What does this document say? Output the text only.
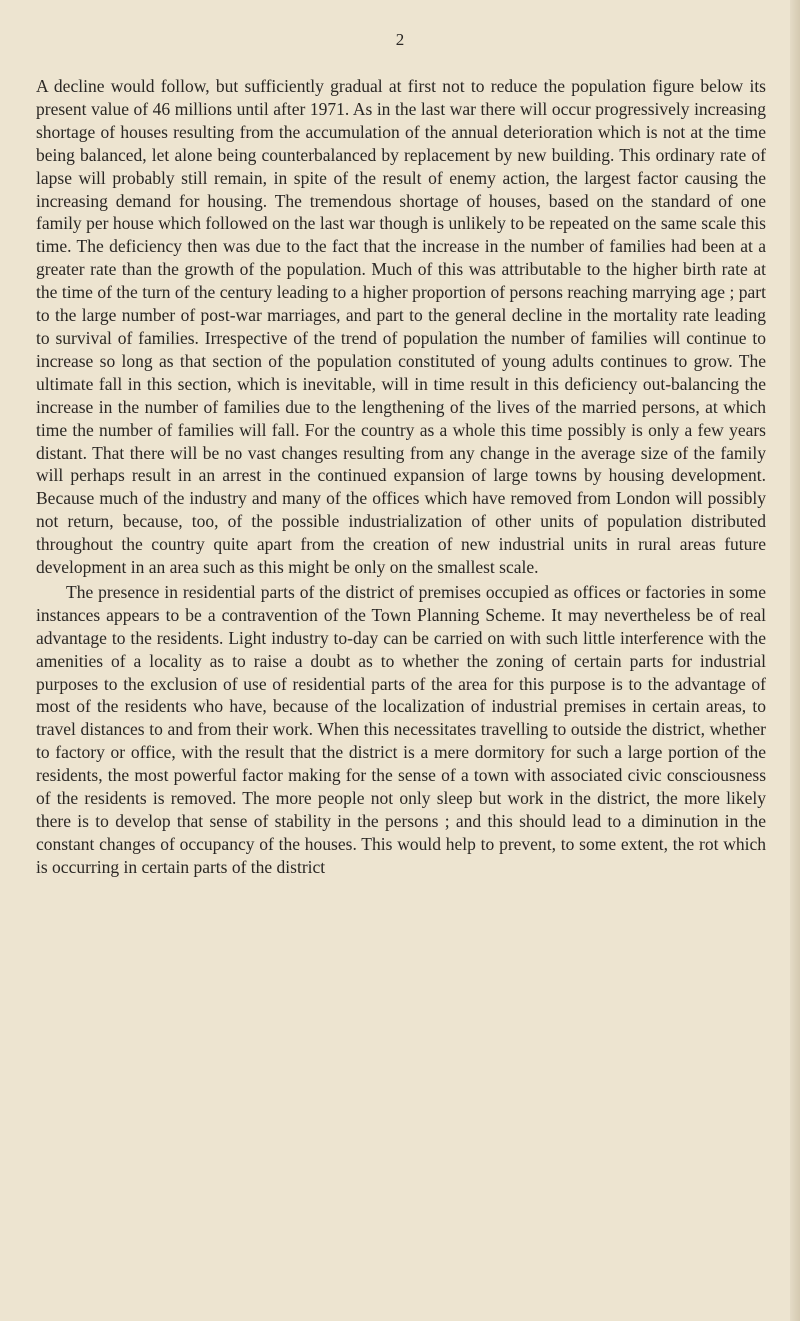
2

A decline would follow, but sufficiently gradual at first not to reduce the population figure below its present value of 46 millions until after 1971. As in the last war there will occur progressively increasing shortage of houses resulting from the accumulation of the annual deterioration which is not at the time being balanced, let alone being counterbalanced by replacement by new building. This ordinary rate of lapse will probably still remain, in spite of the result of enemy action, the largest factor causing the increasing demand for housing. The tremendous shortage of houses, based on the standard of one family per house which followed on the last war though is unlikely to be repeated on the same scale this time. The deficiency then was due to the fact that the increase in the number of families had been at a greater rate than the growth of the population. Much of this was attributable to the higher birth rate at the time of the turn of the century leading to a higher proportion of persons reaching marrying age ; part to the large number of post-war marriages, and part to the general decline in the mortality rate leading to survival of families. Irrespective of the trend of population the number of families will continue to increase so long as that section of the population constituted of young adults continues to grow. The ultimate fall in this section, which is inevitable, will in time result in this deficiency out-balancing the increase in the number of families due to the lengthening of the lives of the married persons, at which time the number of families will fall. For the country as a whole this time possibly is only a few years distant. That there will be no vast changes resulting from any change in the average size of the family will perhaps result in an arrest in the continued expansion of large towns by housing development. Because much of the industry and many of the offices which have removed from London will possibly not return, because, too, of the possible industrialization of other units of population distributed throughout the country quite apart from the creation of new industrial units in rural areas future development in an area such as this might be only on the smallest scale.

The presence in residential parts of the district of premises occupied as offices or factories in some instances appears to be a contravention of the Town Planning Scheme. It may nevertheless be of real advantage to the residents. Light industry to-day can be carried on with such little interference with the amenities of a locality as to raise a doubt as to whether the zoning of certain parts for industrial purposes to the exclusion of use of residential parts of the area for this purpose is to the advantage of most of the residents who have, because of the localization of industrial premises in certain areas, to travel distances to and from their work. When this necessitates travelling to outside the district, whether to factory or office, with the result that the district is a mere dormitory for such a large portion of the residents, the most powerful factor making for the sense of a town with associated civic consciousness of the residents is removed. The more people not only sleep but work in the district, the more likely there is to develop that sense of stability in the persons ; and this should lead to a diminution in the constant changes of occupancy of the houses. This would help to prevent, to some extent, the rot which is occurring in certain parts of the district
